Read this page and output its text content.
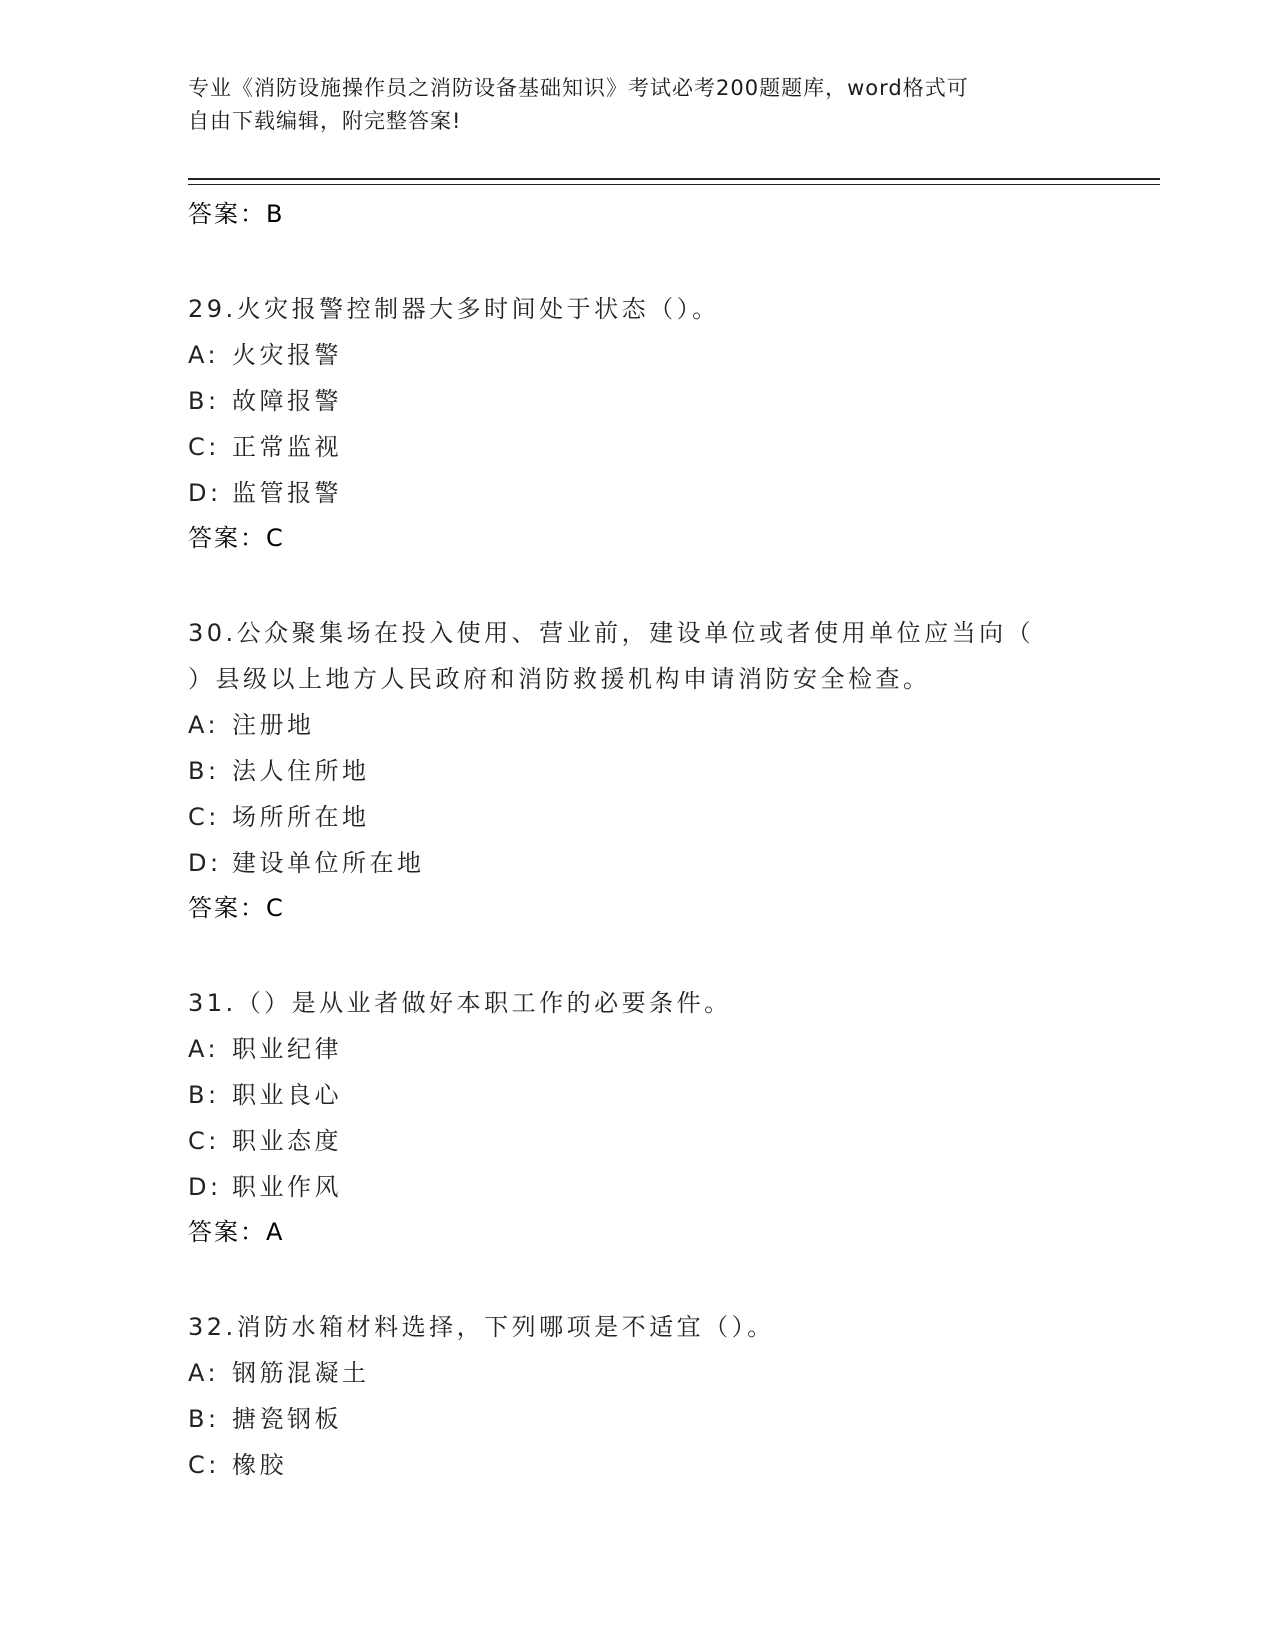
专业《消防设施操作员之消防设备基础知识》考试必考200题题库，word格式可
自由下载编辑，附完整答案!
答案：B
29.火灾报警控制器大多时间处于状态（）。
A: 火灾报警
B: 故障报警
C: 正常监视
D: 监管报警
答案：C
30.公众聚集场在投入使用、营业前，建设单位或者使用单位应当向（
）县级以上地方人民政府和消防救援机构申请消防安全检查。
A: 注册地
B: 法人住所地
C: 场所所在地
D: 建设单位所在地
答案：C
31.（）是从业者做好本职工作的必要条件。
A: 职业纪律
B: 职业良心
C: 职业态度
D: 职业作风
答案：A
32.消防水箱材料选择，下列哪项是不适宜（）。
A: 钢筋混凝土
B: 搪瓷钢板
C: 橡胶
